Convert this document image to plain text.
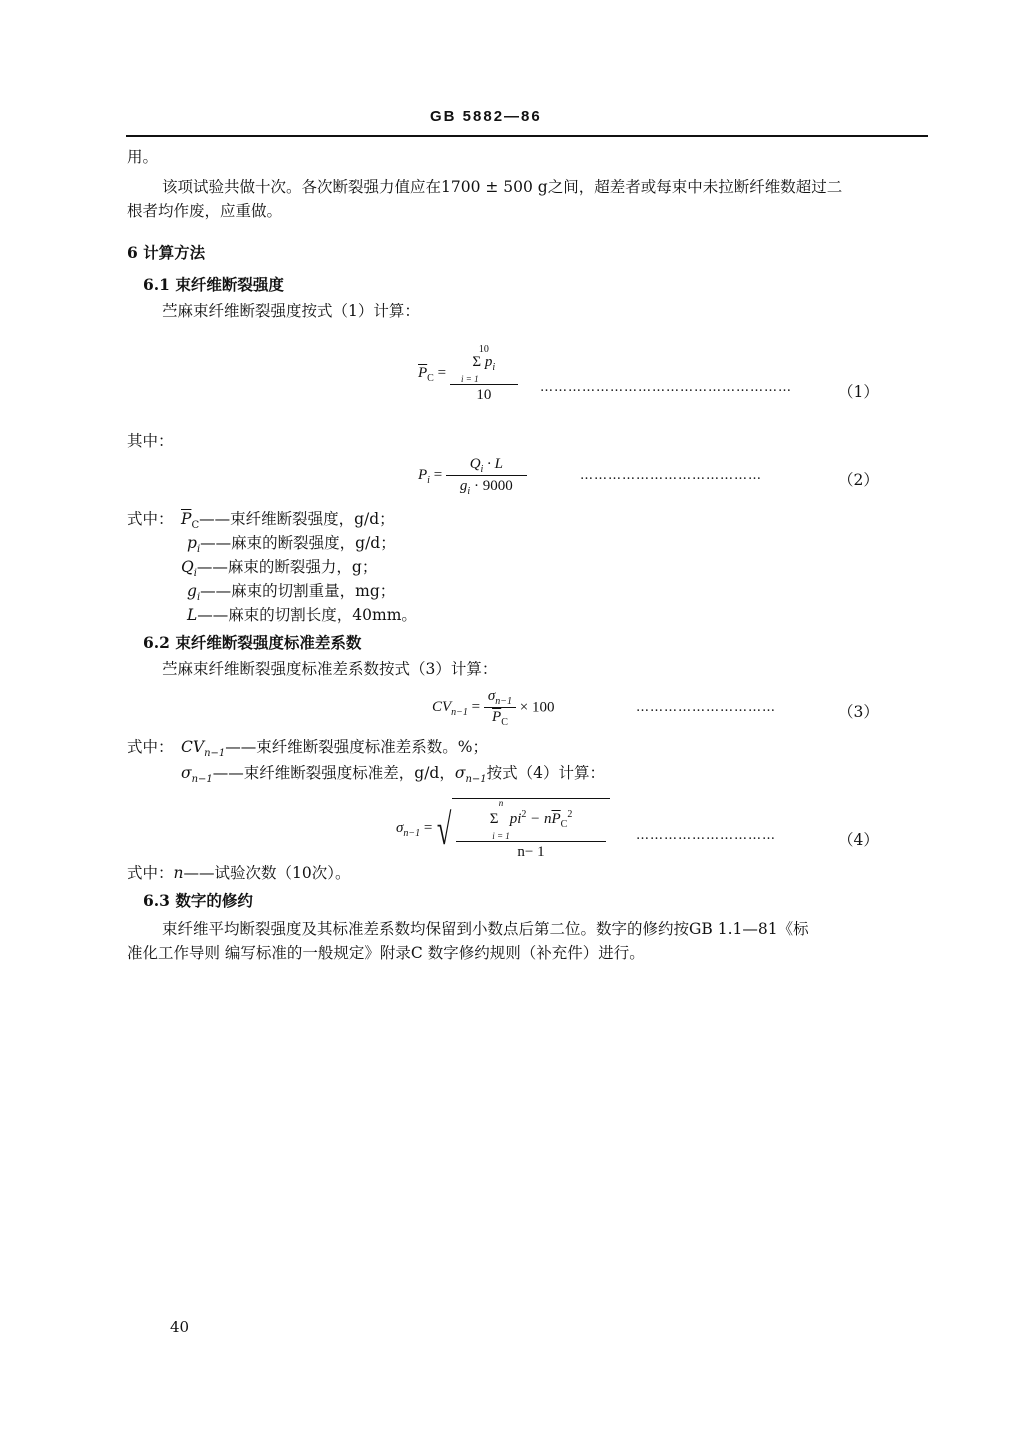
GB 5882—86
用。
该项试验共做十次。各次断裂强力值应在1700 ± 500 g之间，超差者或每束中未拉断纤维数超过二
根者均作废，应重做。
6 计算方法
6.1 束纤维断裂强度
苎麻束纤维断裂强度按式（1）计算：
$\overline{P}_C$ =
10
Σ $p_i$
i = 1
10	………………………………………………	（1）
其中：
$P_i = \frac{Q_i \cdot L}{g_i \cdot 9000}$	…………………………………	（2）
式中： $\overline{P}_C——$束纤维断裂强度，g/d；
$p_i——$麻束的断裂强度，g/d；
$Q_i——$麻束的断裂强力，g；
$g_i——$麻束的切割重量，mg；
L——麻束的切割长度，40mm。
6.2 束纤维断裂强度标准差系数
苎麻束纤维断裂强度标准差系数按式（3）计算：
$CV_{n-1} = \frac{\sigma_{n-1}}{\overline{P}_C} \times 100$	…………………………	（3）
式中： $CV_{n-1}——$束纤维断裂强度标准差系数。%；
$\sigma_{n-1}——$束纤维断裂强度标准差，g/d，$\sigma_{n-1}$按式（4）计算：
$\sigma_{n-1}$ = √
n
Σ   $pi^2 - n\overline{P}_C^2$
i = 1
n− 1
…………………………	（4）
式中：n——试验次数（10次）。
6.3 数字的修约
束纤维平均断裂强度及其标准差系数均保留到小数点后第二位。数字的修约按GB 1.1—81《标
准化工作导则 编写标准的一般规定》附录C 数字修约规则（补充件）进行。
40
